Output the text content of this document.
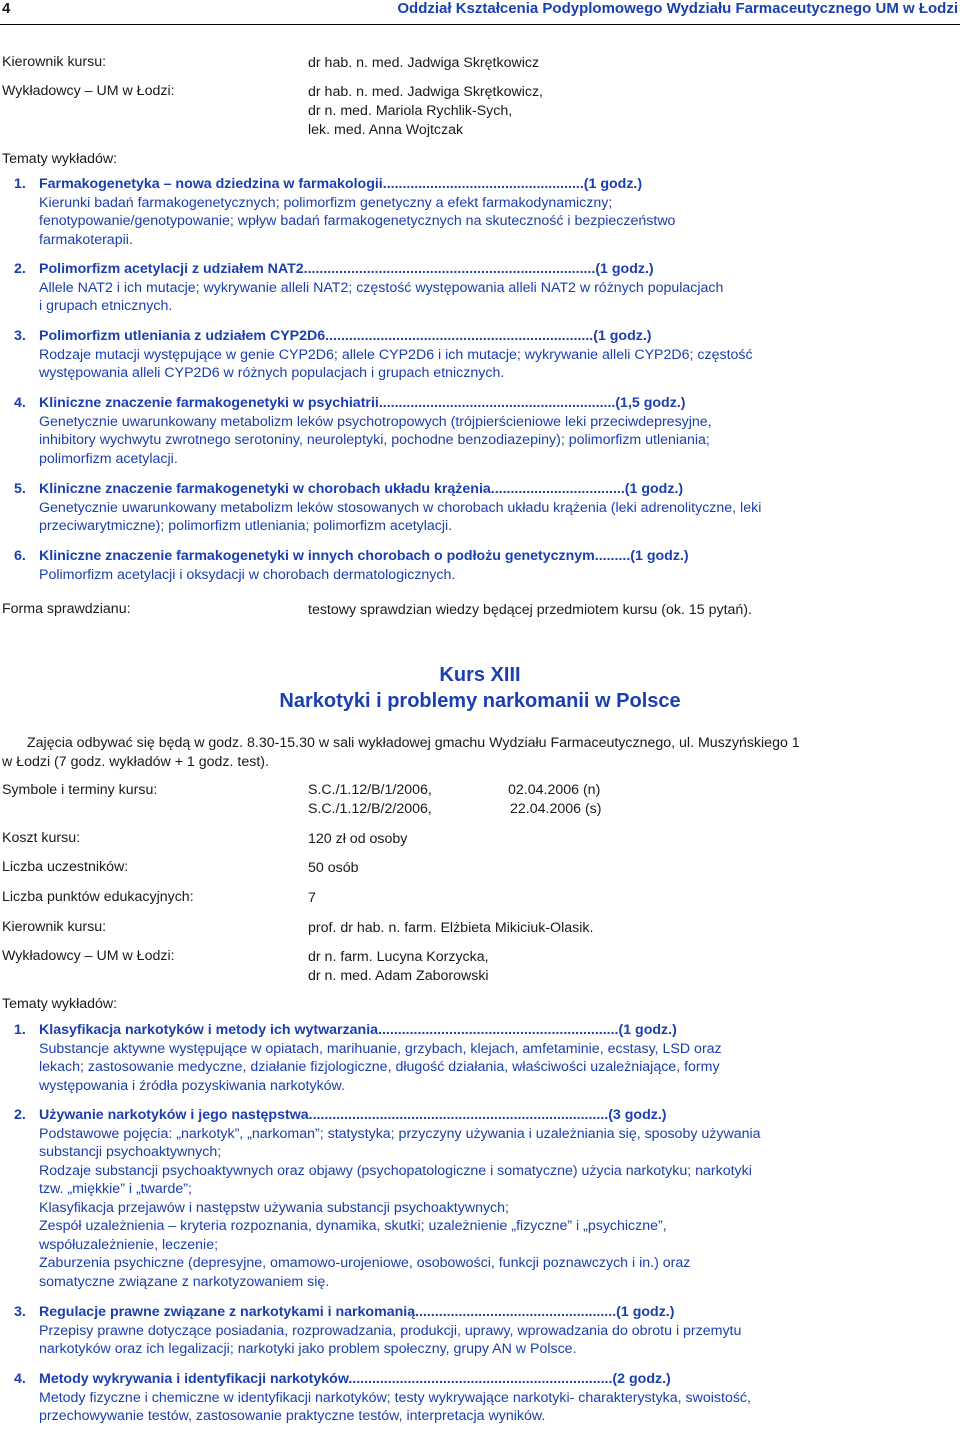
4	Oddział Kształcenia Podyplomowego Wydziału Farmaceutycznego UM w Łodzi
Kierownik kursu:	dr hab. n. med. Jadwiga Skrętkowicz
Wykładowcy – UM w Łodzi:	dr hab. n. med. Jadwiga Skrętkowicz,
dr n. med. Mariola Rychlik-Sych,
lek. med. Anna Wojtczak
Tematy wykładów:
1. Farmakogenetyka – nowa dziedzina w farmakologii...................................................(1 godz.)
Kierunki badań farmakogenetycznych; polimorfizm genetyczny a efekt farmakodynamiczny;
fenotypowanie/genotypowanie; wpływ badań farmakogenetycznych na skuteczność i bezpieczeństwo
farmakoterapii.
2. Polimorfizm acetylacji z udziałem NAT2..........................................................................(1 godz.)
Allele NAT2 i ich mutacje; wykrywanie alleli NAT2; częstość występowania alleli NAT2 w różnych populacjach
i grupach etnicznych.
3. Polimorfizm utleniania z udziałem CYP2D6....................................................................(1 godz.)
Rodzaje mutacji występujące w genie CYP2D6; allele CYP2D6 i ich mutacje; wykrywanie alleli CYP2D6; częstość
występowania alleli CYP2D6 w różnych populacjach i grupach etnicznych.
4. Kliniczne znaczenie farmakogenetyki w psychiatrii............................................................(1,5 godz.)
Genetycznie uwarunkowany metabolizm leków psychotropowych (trójpierścieniowe leki przeciwdepresyjne,
inhibitory wychwytu zwrotnego serotoniny, neuroleptyki, pochodne benzodiazepiny); polimorfizm utleniania;
polimorfizm acetylacji.
5. Kliniczne znaczenie farmakogenetyki w chorobach układu krążenia..................................(1 godz.)
Genetycznie uwarunkowany metabolizm leków stosowanych w chorobach układu krążenia (leki adrenolityczne, leki
przeciwarytmiczne); polimorfizm utleniania; polimorfizm acetylacji.
6. Kliniczne znaczenie farmakogenetyki w innych chorobach o podłożu genetycznym.........(1 godz.)
Polimorfizm acetylacji i oksydacji w chorobach dermatologicznych.
Forma sprawdzianu:	testowy sprawdzian wiedzy będącej przedmiotem kursu (ok. 15 pytań).
Kurs XIII
Narkotyki i problemy narkomanii w Polsce
Zajęcia odbywać się będą w godz. 8.30-15.30 w sali wykładowej gmachu Wydziału Farmaceutycznego, ul. Muszyńskiego 1
w Łodzi (7 godz. wykładów + 1 godz. test).
Symbole i terminy kursu:	S.C./1.12/B/1/2006,	02.04.2006 (n)
S.C./1.12/B/2/2006,	22.04.2006 (s)
Koszt kursu:	120 zł od osoby
Liczba uczestników:	50 osób
Liczba punktów edukacyjnych:	7
Kierownik kursu:	prof. dr hab. n. farm. Elżbieta Mikiciuk-Olasik.
Wykładowcy – UM w Łodzi:	dr n. farm. Lucyna Korzycka,
dr n. med. Adam Zaborowski
Tematy wykładów:
1. Klasyfikacja narkotyków i metody ich wytwarzania.............................................................(1 godz.)
Substancje aktywne występujące w opiatach, marihuanie, grzybach, klejach, amfetaminie, ecstasy, LSD oraz
lekach; zastosowanie medyczne, działanie fizjologiczne, długość działania, właściwości uzależniające, formy
występowania i źródła pozyskiwania narkotyków.
2. Używanie narkotyków i jego następstwa............................................................................(3 godz.)
Podstawowe pojęcia: „narkotyk”, „narkoman”; statystyka; przyczyny używania i uzależniania się, sposoby używania
substancji psychoaktywnych;
Rodzaje substancji psychoaktywnych oraz objawy (psychopatologiczne i somatyczne) użycia narkotyku; narkotyki
tzw. „miękkie” i „twarde”;
Klasyfikacja przejawów i następstw używania substancji psychoaktywnych;
Zespół uzależnienia – kryteria rozpoznania, dynamika, skutki; uzależnienie „fizyczne” i „psychiczne”,
współuzależnienie, leczenie;
Zaburzenia psychiczne (depresyjne, omamowo-urojeniowe, osobowości, funkcji poznawczych i in.) oraz
somatyczne związane z narkotyzowaniem się.
3. Regulacje prawne związane z narkotykami i narkomanią...................................................(1 godz.)
Przepisy prawne dotyczące posiadania, rozprowadzania, produkcji, uprawy, wprowadzania do obrotu i przemytu
narkotyków oraz ich legalizacji; narkotyki jako problem społeczny, grupy AN w Polsce.
4. Metody wykrywania i identyfikacji narkotyków...................................................................(2 godz.)
Metody fizyczne i chemiczne w identyfikacji narkotyków; testy wykrywające narkotyki- charakterystyka, swoistość,
przechowywanie testów, zastosowanie praktyczne testów, interpretacja wyników.
